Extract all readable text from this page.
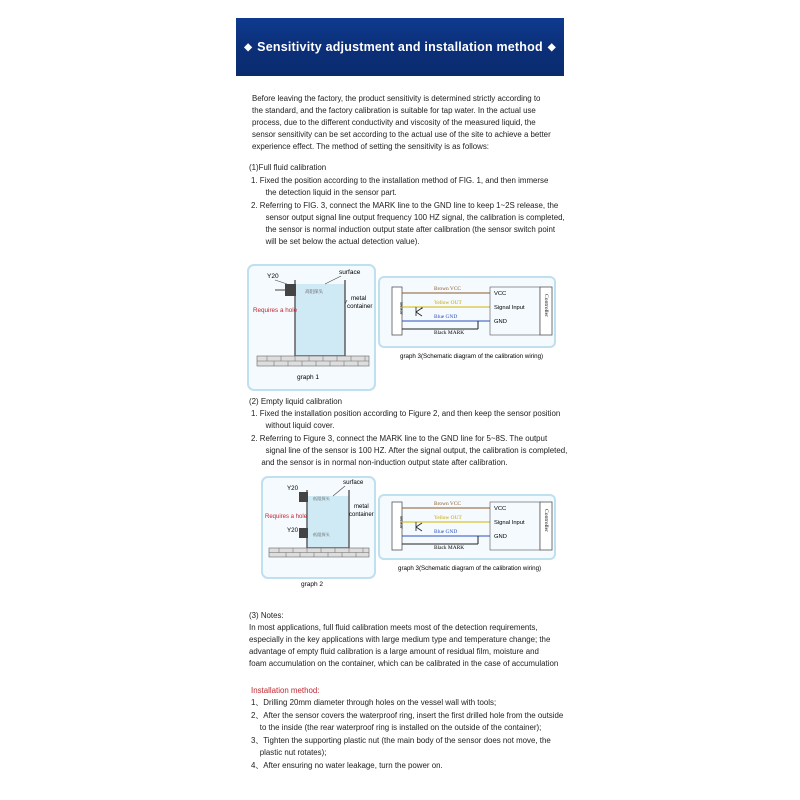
◆ Sensitivity adjustment and installation method ◆
Before leaving the factory, the product sensitivity is determined strictly according to
the standard, and the factory calibration is suitable for tap water. In the actual use
process, due to the different conductivity and viscosity of the measured liquid, the
sensor sensitivity can be set according to the actual use of the site to achieve a better
experience effect. The method of setting the sensitivity is as follows:
(1)Full fluid calibration
1. Fixed the position according to the installation method of FIG. 1, and then immerse
the detection liquid in the sensor part.
2. Referring to FIG. 3, connect the MARK line to the GND line to keep 1~2S release, the
sensor output signal line output frequency 100 HZ signal, the calibration is completed,
the sensor is normal induction output state after calibration (the sensor switch point
will be set below the actual detection value).
Y20
surface
metal
container
Requires a hole
高阻探头
graph 1
sensor
Brown VCC
Yellow OUT
Blue GND
Black MARK
Controller
VCC
Signal Input
GND
graph 3(Schematic diagram of the calibration wiring)
(2) Empty liquid calibration
1. Fixed the installation position according to Figure 2, and then keep the sensor position
without liquid cover.
2. Referring to Figure 3, connect the MARK line to the GND line for 5~8S. The output
signal line of the sensor is 100 HZ. After the signal output, the calibration is completed,
and the sensor is in normal non-induction output state after calibration.
Y20
Y20
低阻探头
低阻探头
surface
metal
container
Requires a hole
graph 2
sensor
Brown VCC
Yellow OUT
Blue GND
Black MARK
Controller
VCC
Signal Input
GND
graph 3(Schematic diagram of the calibration wiring)
(3) Notes:
In most applications, full fluid calibration meets most of the detection requirements,
especially in the key applications with large medium type and temperature change; the
advantage of empty fluid calibration is a large amount of residual film, moisture and
foam accumulation on the container, which can be calibrated in the case of accumulation
Installation method:
1、Drilling 20mm diameter through holes on the vessel wall with tools;
2、After the sensor covers the waterproof ring, insert the first drilled hole from the outside
to the inside (the rear waterproof ring is installed on the outside of the container);
3、Tighten the supporting plastic nut (the main body of the sensor does not move, the
plastic nut rotates);
4、After ensuring no water leakage, turn the power on.
